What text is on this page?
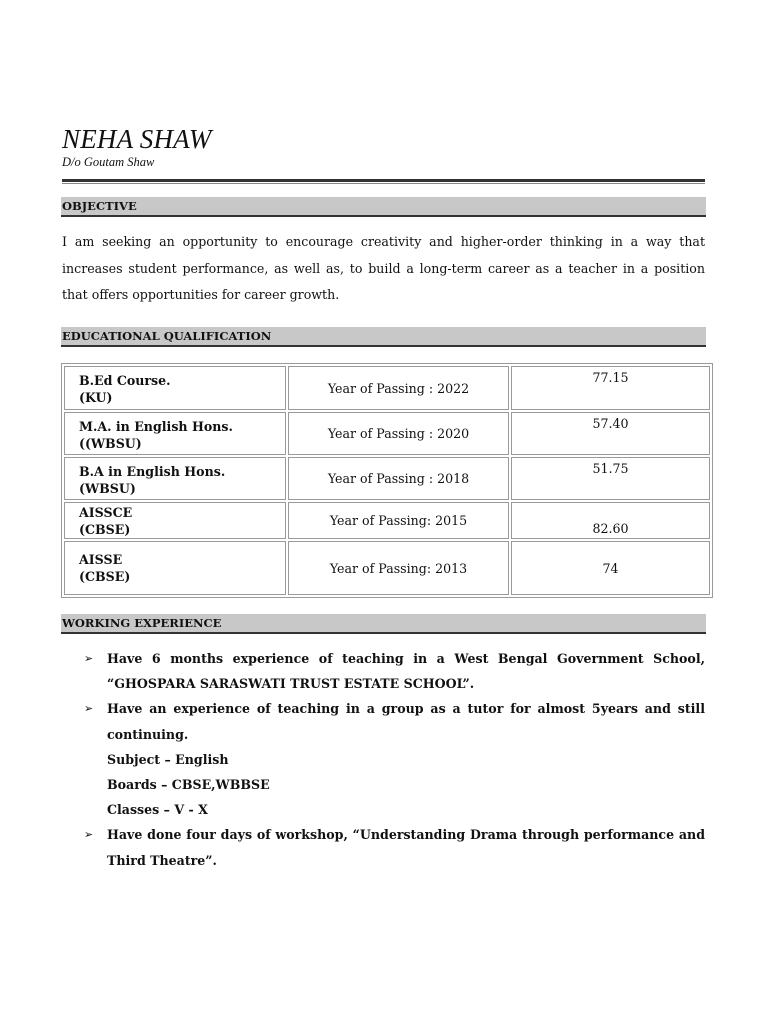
NEHA SHAW
D/o Goutam Shaw
OBJECTIVE

I am seeking an opportunity to encourage creativity and higher-order thinking in a way that increases student performance, as well as, to build a long-term career as a teacher in a position that offers opportunities for career growth.

EDUCATIONAL QUALIFICATION
B.Ed Course.
(KU)	Year of Passing : 2022	77.15

M.A. in English Hons.
((WBSU)	Year of Passing : 2020	57.40

B.A in English Hons.
(WBSU)	Year of Passing : 2018	51.75

AISSCE
(CBSE)	Year of Passing: 2015	82.60

AISSE
(CBSE)	Year of Passing: 2013	74
WORKING EXPERIENCE
➢ Have 6 months experience of teaching in a West Bengal Government School, “GHOSPARA SARASWATI TRUST ESTATE SCHOOL”.
➢ Have an experience of teaching in a group as a tutor for almost 5years and still continuing.
Subject – English
Boards – CBSE,WBBSE
Classes – V - X
➢ Have done four days of workshop, “Understanding Drama through performance and Third Theatre”.
